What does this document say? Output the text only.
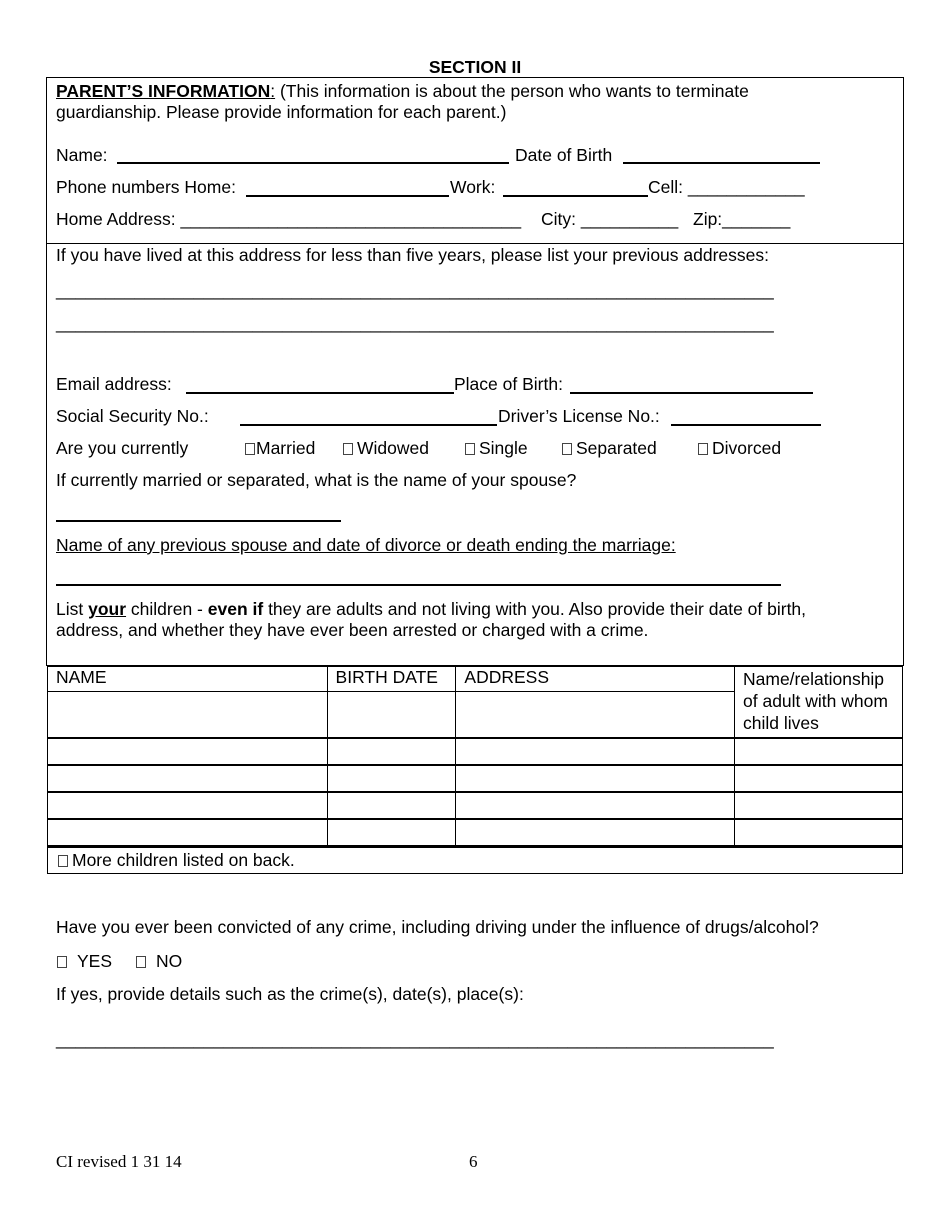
SECTION II
PARENT’S INFORMATION: (This information is about the person who wants to terminate
guardianship. Please provide information for each parent.)
Name:	Date of Birth
Phone numbers Home:	Work:	Cell: ____________
Home Address: ___________________________________ City: __________ Zip:_______
If you have lived at this address for less than five years, please list your previous addresses:
_________________________________________________________________________
_________________________________________________________________________
Email address:	Place of Birth:
Social Security No.:	Driver’s License No.:
Are you currently	Married	Widowed	Single	Separated	Divorced
If currently married or separated, what is the name of your spouse?
Name of any previous spouse and date of divorce or death ending the marriage:
List your children - even if they are adults and not living with you. Also provide their date of birth,
address, and whether they have ever been arrested or charged with a crime.
NAME	BIRTH DATE	ADDRESS	Name/relationship of adult with whom child lives

More children listed on back.
Have you ever been convicted of any crime, including driving under the influence of drugs/alcohol?
YES	NO
If yes, provide details such as the crime(s), date(s), place(s):
_________________________________________________________________________
CI revised 1 31 14	6
